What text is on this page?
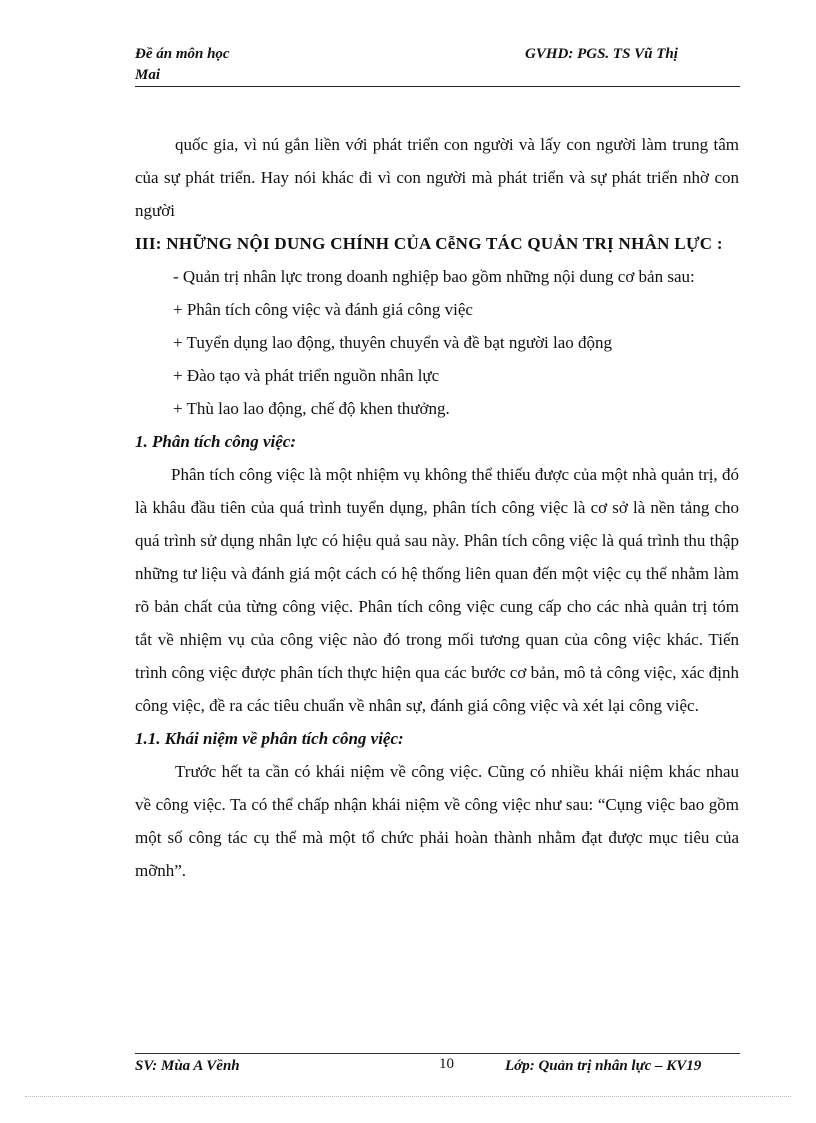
Đề án môn học	GVHD: PGS. TS Vũ Thị
Mai

quốc gia, vì nú gắn liền với phát triển con người và lấy con người làm trung tâm của sự phát triển. Hay nói khác đi vì con người mà phát triển và sự phát triển nhờ con người

III: NHỮNG NỘI DUNG CHÍNH CỦA CễNG TÁC QUẢN TRỊ NHÂN LỰC :

- Quản trị nhân lực trong doanh nghiệp bao gồm những nội dung cơ bản sau:

+ Phân tích công việc và đánh giá công việc

+ Tuyển dụng lao động, thuyên chuyển và đề bạt người lao động

+ Đào tạo và phát triển nguồn nhân lực

+ Thù lao lao động, chế độ khen thưởng.

1. Phân tích công việc:

Phân tích công việc là một nhiệm vụ không thể thiếu được của một nhà quản trị, đó là khâu đầu tiên của quá trình tuyển dụng, phân tích công việc là cơ sở là nền tảng cho quá trình sử dụng nhân lực có hiệu quả sau này. Phân tích công việc là quá trình thu thập những tư liệu và đánh giá một cách có hệ thống liên quan đến một việc cụ thể nhằm làm rõ bản chất của từng công việc. Phân tích công việc cung cấp cho các nhà quản trị tóm tắt về nhiệm vụ của công việc nào đó trong mối tương quan của công việc khác. Tiến trình công việc được phân tích thực hiện qua các bước cơ bản, mô tả công việc, xác định công việc, đề ra các tiêu chuẩn về nhân sự, đánh giá công việc và xét lại công việc.

1.1. Khái niệm về phân tích công việc:

Trước hết ta cần có khái niệm về công việc. Cũng có nhiều khái niệm khác nhau về công việc. Ta có thể chấp nhận khái niệm về công việc như sau: “Cụng việc bao gồm một số công tác cụ thể mà một tổ chức phải hoàn thành nhằm đạt được mục tiêu của mỡnh”.

SV: Mùa A Vềnh	10	Lớp: Quản trị nhân lực – KV19
